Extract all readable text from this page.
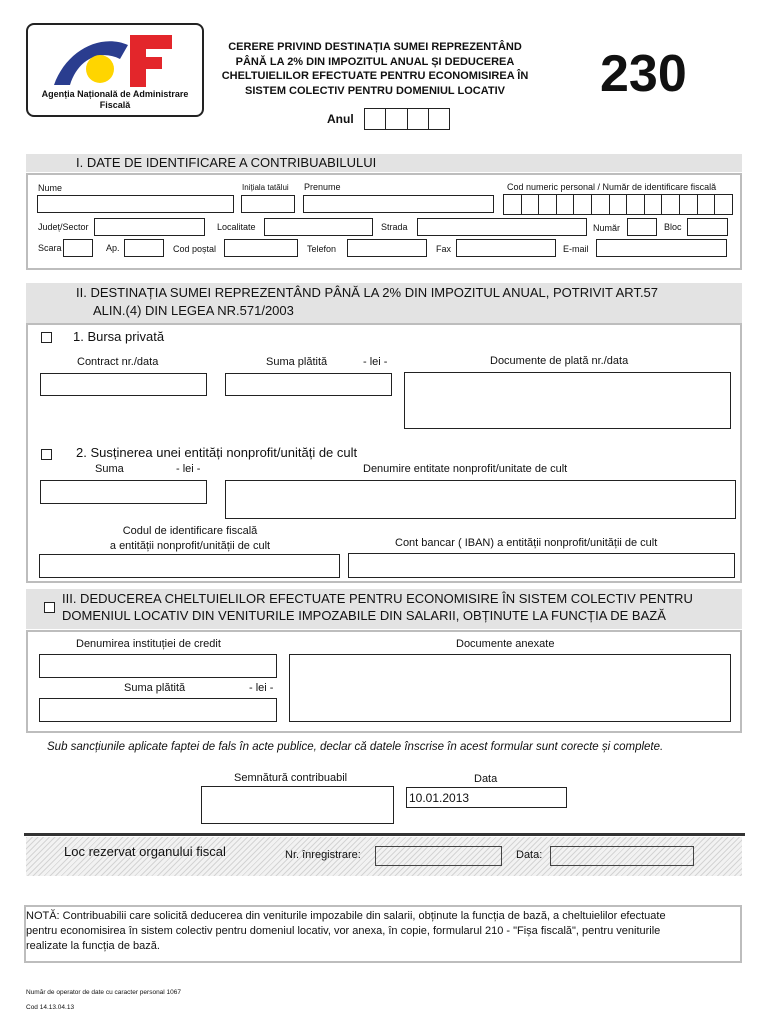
Agenția Națională de Administrare Fiscală
CERERE PRIVIND DESTINAȚIA SUMEI REPREZENTÂND
PÂNĂ LA 2% DIN IMPOZITUL ANUAL ȘI DEDUCEREA
CHELTUIELILOR EFECTUATE PENTRU ECONOMISIREA ÎN
SISTEM COLECTIV PENTRU DOMENIUL LOCATIV	230
Anul
I. DATE DE IDENTIFICARE A CONTRIBUABILULUI
Nume	Inițiala tatălui Prenume	Cod numeric personal / Număr de identificare fiscală
Județ/Sector	Localitate	Strada	Număr	Bloc
Scara	Ap.	Cod poștal	Telefon	Fax	E-mail
II. DESTINAȚIA SUMEI REPREZENTÂND PÂNĂ LA 2% DIN IMPOZITUL ANUAL, POTRIVIT ART.57
ALIN.(4) DIN LEGEA NR.571/2003
1. Bursa privată
Contract nr./data	Suma plătită	- lei -	Documente de plată nr./data
2. Susținerea unei entități nonprofit/unități de cult
Suma	- lei -	Denumire entitate nonprofit/unitate de cult
Codul de identificare fiscală
a entității nonprofit/unității de cult	Cont bancar ( IBAN) a entității nonprofit/unității de cult
III. DEDUCEREA CHELTUIELILOR EFECTUATE PENTRU ECONOMISIRE ÎN SISTEM COLECTIV PENTRU
DOMENIUL LOCATIV DIN VENITURILE IMPOZABILE DIN SALARII, OBȚINUTE LA FUNCȚIA DE BAZĂ
Denumirea instituției de credit	Documente anexate
Suma plătită	- lei -
Sub sancțiunile aplicate faptei de fals în acte publice, declar că datele înscrise în acest formular sunt corecte și complete.
Semnătură contribuabil	Data
10.01.2013
Loc rezervat organului fiscal	Nr. înregistrare:	Data:
NOTĂ: Contribuabilii care solicită deducerea din veniturile impozabile din salarii, obținute la funcția de bază, a cheltuielilor efectuate
pentru economisirea în sistem colectiv pentru domeniul locativ, vor anexa, în copie, formularul 210 - "Fișa fiscală", pentru veniturile
realizate la funcția de bază.
Număr de operator de date cu caracter personal 1067
Cod 14.13.04.13
